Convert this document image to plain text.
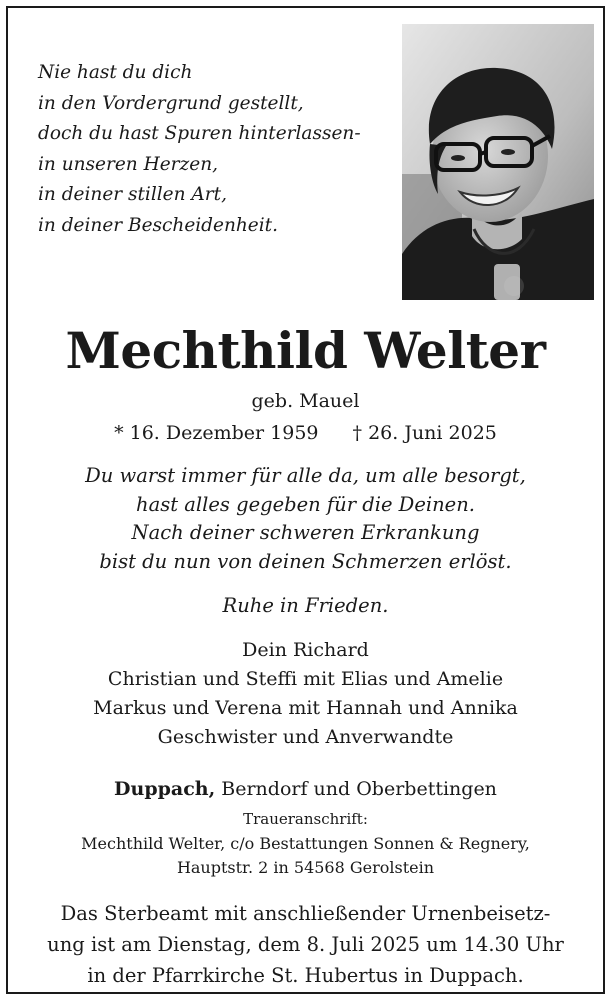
Nie hast du dich
in den Vordergrund gestellt,
doch du hast Spuren hinterlassen-
in unseren Herzen,
in deiner stillen Art,
in deiner Bescheidenheit.
Mechthild Welter
geb. Mauel
* 16. Dezember 1959 † 26. Juni 2025
Du warst immer für alle da, um alle besorgt,
hast alles gegeben für die Deinen.
Nach deiner schweren Erkrankung
bist du nun von deinen Schmerzen erlöst.
Ruhe in Frieden.
Dein Richard
Christian und Steffi mit Elias und Amelie
Markus und Verena mit Hannah und Annika
Geschwister und Anverwandte
Duppach, Berndorf und Oberbettingen
Traueranschrift:
Mechthild Welter, c/o Bestattungen Sonnen & Regnery,
Hauptstr. 2 in 54568 Gerolstein
Das Sterbeamt mit anschließender Urnenbeisetz-
ung ist am Dienstag, dem 8. Juli 2025 um 14.30 Uhr
in der Pfarrkirche St. Hubertus in Duppach.
